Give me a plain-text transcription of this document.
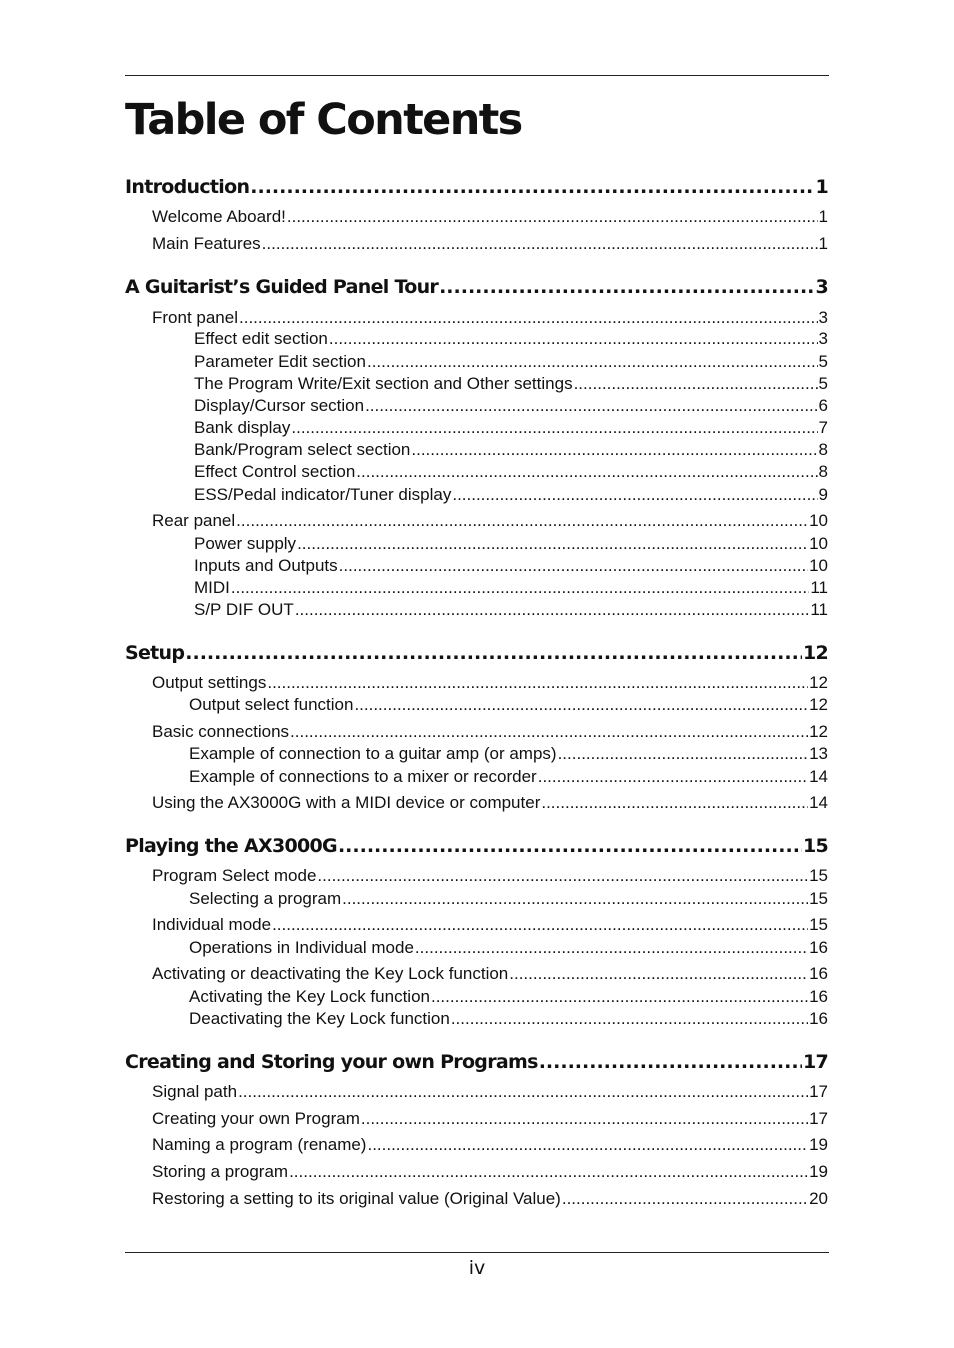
Table of Contents
Introduction .....	1
Welcome Aboard! .....	1
Main Features .....	1
A Guitarist’s Guided Panel Tour .....	3
Front panel .....	3
Effect edit section .....	3
Parameter Edit section .....	5
The Program Write/Exit section and Other settings .....	5
Display/Cursor section .....	6
Bank display .....	7
Bank/Program select section .....	8
Effect Control section .....	8
ESS/Pedal indicator/Tuner display .....	9
Rear panel .....	10
Power supply .....	10
Inputs and Outputs .....	10
MIDI .....	11
S/P DIF OUT .....	11
Setup .....	12
Output settings .....	12
Output select function .....	12
Basic connections .....	12
Example of connection to a guitar amp (or amps) .....	13
Example of connections to a mixer or recorder .....	14
Using the AX3000G with a MIDI device or computer .....	14
Playing the AX3000G .....	15
Program Select mode .....	15
Selecting a program .....	15
Individual mode .....	15
Operations in Individual mode .....	16
Activating or deactivating the Key Lock function .....	16
Activating the Key Lock function .....	16
Deactivating the Key Lock function .....	16
Creating and Storing your own Programs .....	17
Signal path .....	17
Creating your own Program .....	17
Naming a program (rename) .....	19
Storing a program .....	19
Restoring a setting to its original value (Original Value) .....	20
iv
